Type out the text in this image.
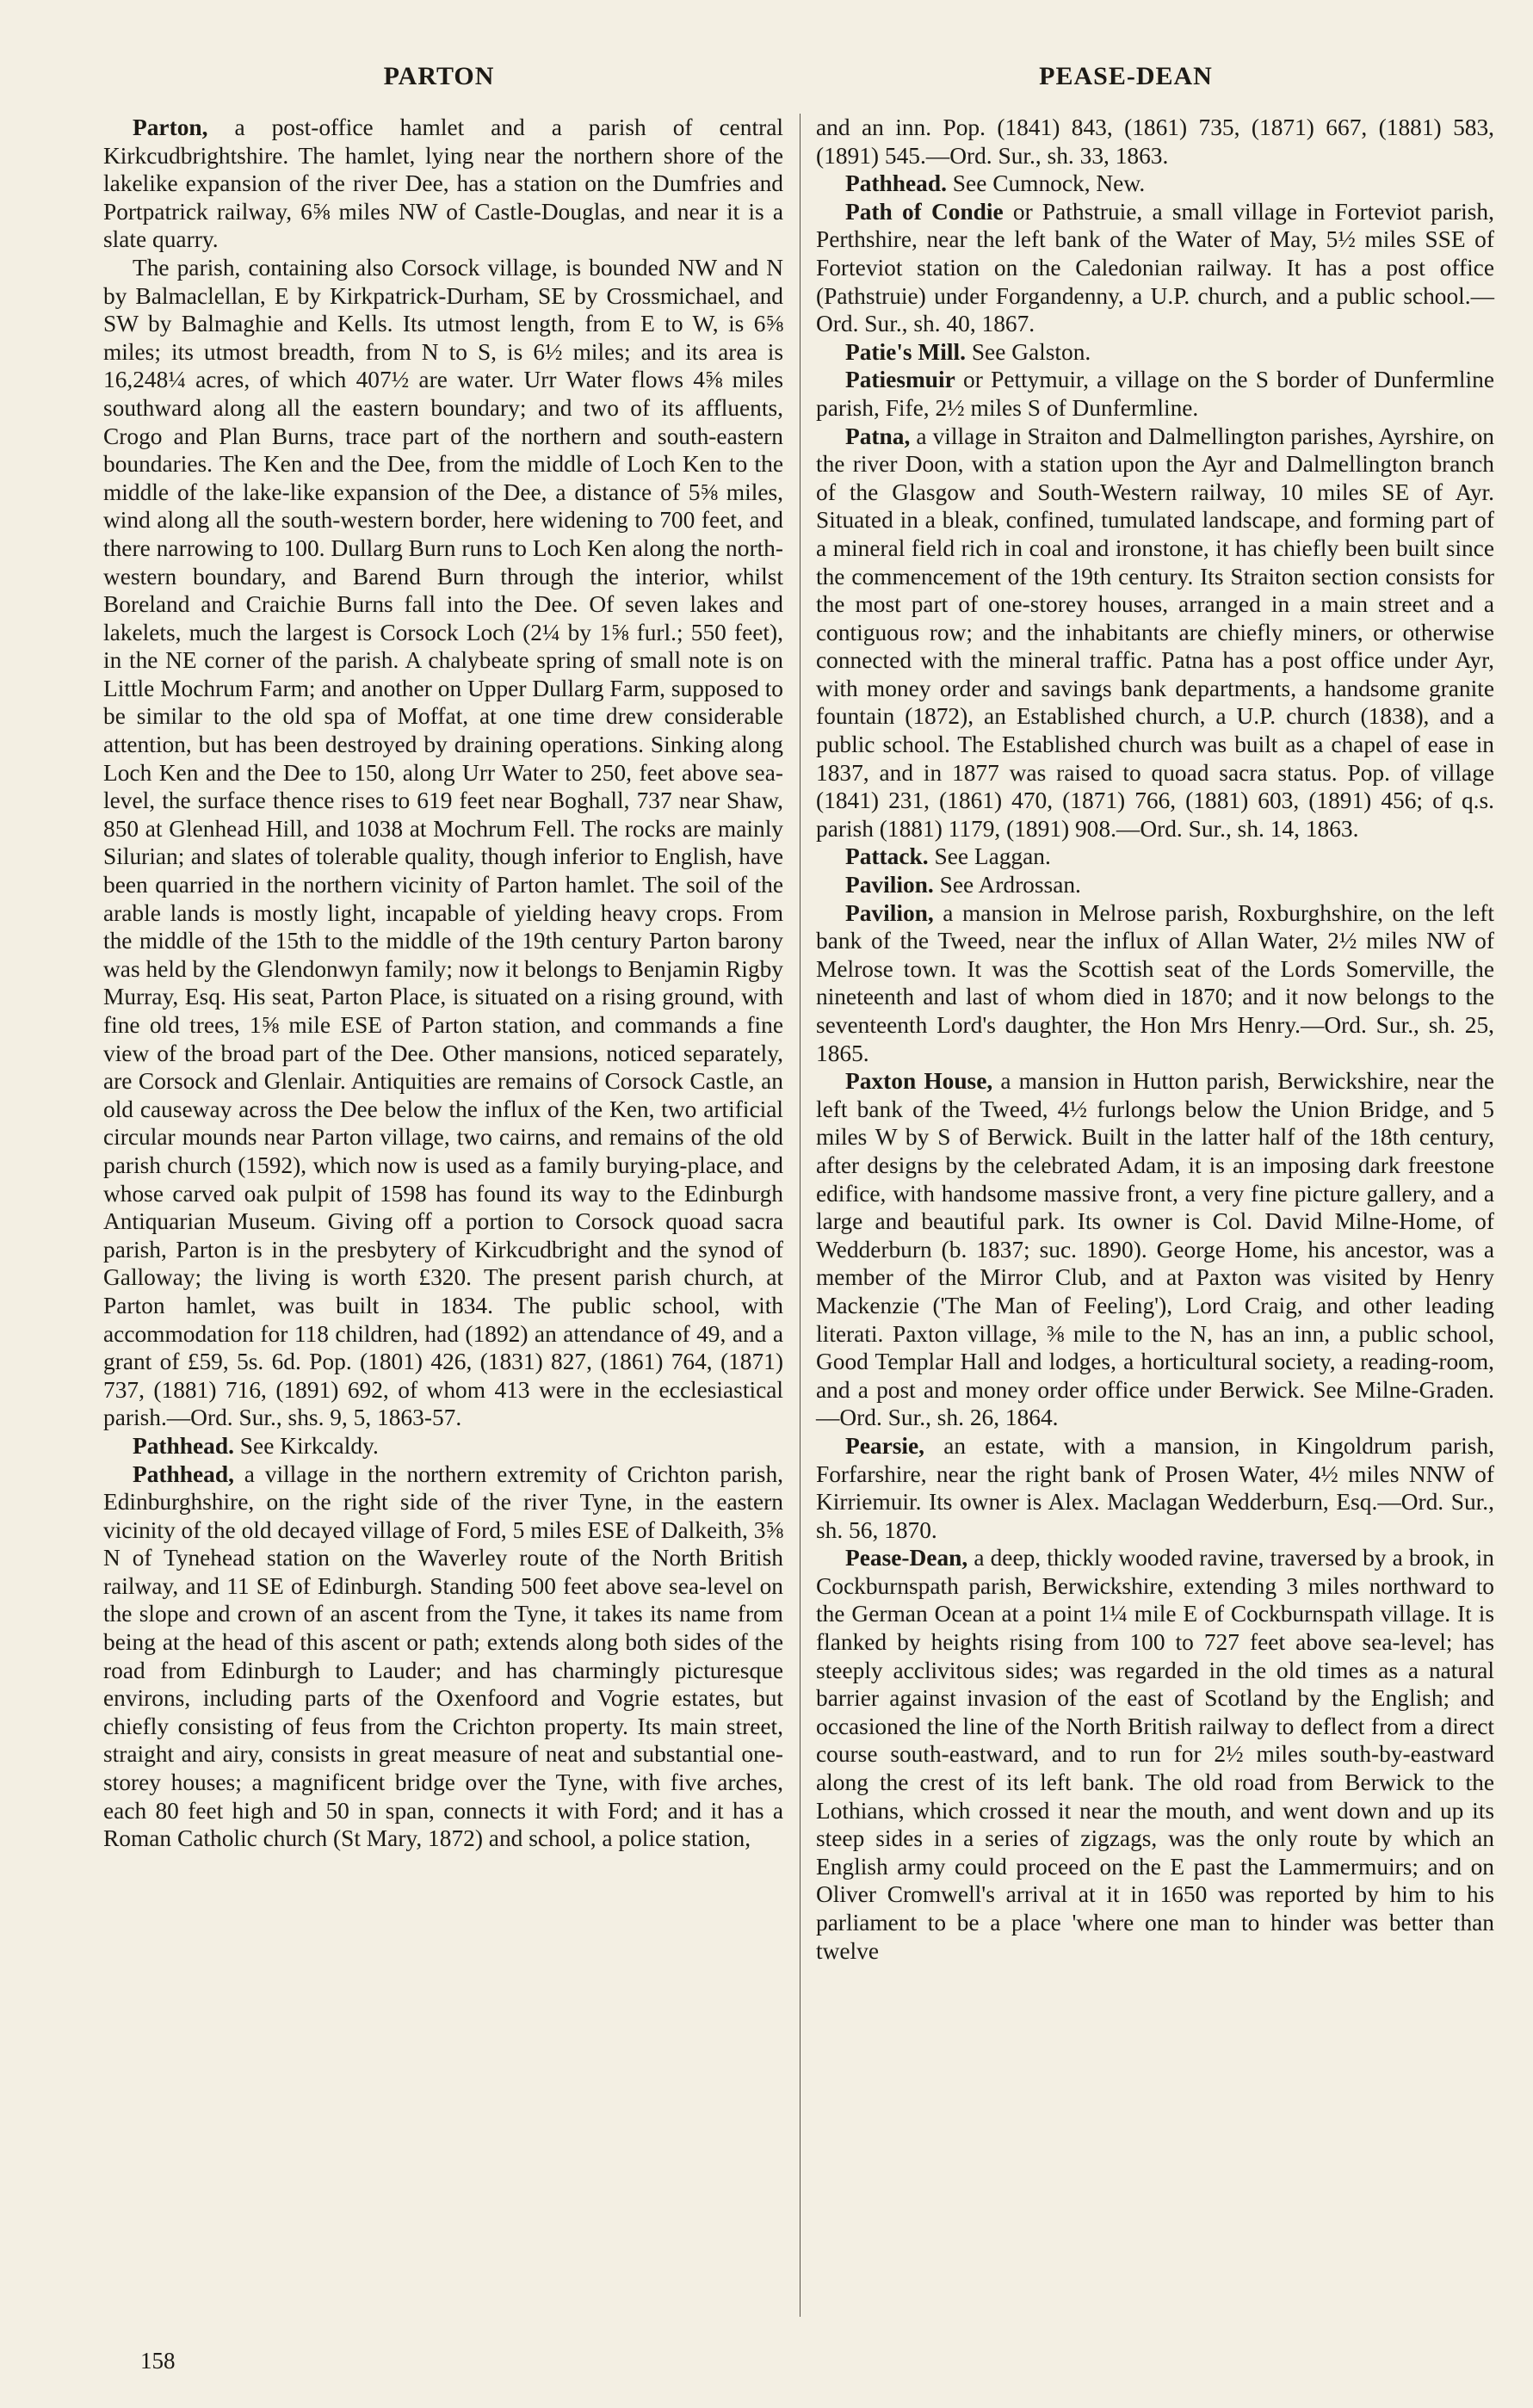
PARTON	PEASE-DEAN

Parton, a post-office hamlet and a parish of central Kirkcudbrightshire. The hamlet, lying near the northern shore of the lakelike expansion of the river Dee, has a station on the Dumfries and Portpatrick railway, 6⅝ miles NW of Castle-Douglas, and near it is a slate quarry.

The parish, containing also Corsock village, is bounded NW and N by Balmaclellan, E by Kirkpatrick-Durham, SE by Crossmichael, and SW by Balmaghie and Kells. Its utmost length, from E to W, is 6⅝ miles; its utmost breadth, from N to S, is 6½ miles; and its area is 16,248¼ acres, of which 407½ are water. Urr Water flows 4⅝ miles southward along all the eastern boundary; and two of its affluents, Crogo and Plan Burns, trace part of the northern and south-eastern boundaries. The Ken and the Dee, from the middle of Loch Ken to the middle of the lake-like expansion of the Dee, a distance of 5⅝ miles, wind along all the south-western border, here widening to 700 feet, and there narrowing to 100. Dullarg Burn runs to Loch Ken along the north-western boundary, and Barend Burn through the interior, whilst Boreland and Craichie Burns fall into the Dee. Of seven lakes and lakelets, much the largest is Corsock Loch (2¼ by 1⅝ furl.; 550 feet), in the NE corner of the parish. A chalybeate spring of small note is on Little Mochrum Farm; and another on Upper Dullarg Farm, supposed to be similar to the old spa of Moffat, at one time drew considerable attention, but has been destroyed by draining operations. Sinking along Loch Ken and the Dee to 150, along Urr Water to 250, feet above sea-level, the surface thence rises to 619 feet near Boghall, 737 near Shaw, 850 at Glenhead Hill, and 1038 at Mochrum Fell. The rocks are mainly Silurian; and slates of tolerable quality, though inferior to English, have been quarried in the northern vicinity of Parton hamlet. The soil of the arable lands is mostly light, incapable of yielding heavy crops. From the middle of the 15th to the middle of the 19th century Parton barony was held by the Glendonwyn family; now it belongs to Benjamin Rigby Murray, Esq. His seat, Parton Place, is situated on a rising ground, with fine old trees, 1⅝ mile ESE of Parton station, and commands a fine view of the broad part of the Dee. Other mansions, noticed separately, are Corsock and Glenlair. Antiquities are remains of Corsock Castle, an old causeway across the Dee below the influx of the Ken, two artificial circular mounds near Parton village, two cairns, and remains of the old parish church (1592), which now is used as a family burying-place, and whose carved oak pulpit of 1598 has found its way to the Edinburgh Antiquarian Museum. Giving off a portion to Corsock quoad sacra parish, Parton is in the presbytery of Kirkcudbright and the synod of Galloway; the living is worth £320. The present parish church, at Parton hamlet, was built in 1834. The public school, with accommodation for 118 children, had (1892) an attendance of 49, and a grant of £59, 5s. 6d. Pop. (1801) 426, (1831) 827, (1861) 764, (1871) 737, (1881) 716, (1891) 692, of whom 413 were in the ecclesiastical parish.—Ord. Sur., shs. 9, 5, 1863-57.

Pathhead. See Kirkcaldy.

Pathhead, a village in the northern extremity of Crichton parish, Edinburghshire, on the right side of the river Tyne, in the eastern vicinity of the old decayed village of Ford, 5 miles ESE of Dalkeith, 3⅝ N of Tynehead station on the Waverley route of the North British railway, and 11 SE of Edinburgh. Standing 500 feet above sea-level on the slope and crown of an ascent from the Tyne, it takes its name from being at the head of this ascent or path; extends along both sides of the road from Edinburgh to Lauder; and has charmingly picturesque environs, including parts of the Oxenfoord and Vogrie estates, but chiefly consisting of feus from the Crichton property. Its main street, straight and airy, consists in great measure of neat and substantial one-storey houses; a magnificent bridge over the Tyne, with five arches, each 80 feet high and 50 in span, connects it with Ford; and it has a Roman Catholic church (St Mary, 1872) and school, a police station,

and an inn. Pop. (1841) 843, (1861) 735, (1871) 667, (1881) 583, (1891) 545.—Ord. Sur., sh. 33, 1863.

Pathhead. See Cumnock, New.

Path of Condie or Pathstruie, a small village in Forteviot parish, Perthshire, near the left bank of the Water of May, 5½ miles SSE of Forteviot station on the Caledonian railway. It has a post office (Pathstruie) under Forgandenny, a U.P. church, and a public school.—Ord. Sur., sh. 40, 1867.

Patie's Mill. See Galston.

Patiesmuir or Pettymuir, a village on the S border of Dunfermline parish, Fife, 2½ miles S of Dunfermline.

Patna, a village in Straiton and Dalmellington parishes, Ayrshire, on the river Doon, with a station upon the Ayr and Dalmellington branch of the Glasgow and South-Western railway, 10 miles SE of Ayr. Situated in a bleak, confined, tumulated landscape, and forming part of a mineral field rich in coal and ironstone, it has chiefly been built since the commencement of the 19th century. Its Straiton section consists for the most part of one-storey houses, arranged in a main street and a contiguous row; and the inhabitants are chiefly miners, or otherwise connected with the mineral traffic. Patna has a post office under Ayr, with money order and savings bank departments, a handsome granite fountain (1872), an Established church, a U.P. church (1838), and a public school. The Established church was built as a chapel of ease in 1837, and in 1877 was raised to quoad sacra status. Pop. of village (1841) 231, (1861) 470, (1871) 766, (1881) 603, (1891) 456; of q.s. parish (1881) 1179, (1891) 908.—Ord. Sur., sh. 14, 1863.

Pattack. See Laggan.

Pavilion. See Ardrossan.

Pavilion, a mansion in Melrose parish, Roxburghshire, on the left bank of the Tweed, near the influx of Allan Water, 2½ miles NW of Melrose town. It was the Scottish seat of the Lords Somerville, the nineteenth and last of whom died in 1870; and it now belongs to the seventeenth Lord's daughter, the Hon Mrs Henry.—Ord. Sur., sh. 25, 1865.

Paxton House, a mansion in Hutton parish, Berwickshire, near the left bank of the Tweed, 4½ furlongs below the Union Bridge, and 5 miles W by S of Berwick. Built in the latter half of the 18th century, after designs by the celebrated Adam, it is an imposing dark freestone edifice, with handsome massive front, a very fine picture gallery, and a large and beautiful park. Its owner is Col. David Milne-Home, of Wedderburn (b. 1837; suc. 1890). George Home, his ancestor, was a member of the Mirror Club, and at Paxton was visited by Henry Mackenzie ('The Man of Feeling'), Lord Craig, and other leading literati. Paxton village, ⅜ mile to the N, has an inn, a public school, Good Templar Hall and lodges, a horticultural society, a reading-room, and a post and money order office under Berwick. See Milne-Graden.—Ord. Sur., sh. 26, 1864.

Pearsie, an estate, with a mansion, in Kingoldrum parish, Forfarshire, near the right bank of Prosen Water, 4½ miles NNW of Kirriemuir. Its owner is Alex. Maclagan Wedderburn, Esq.—Ord. Sur., sh. 56, 1870.

Pease-Dean, a deep, thickly wooded ravine, traversed by a brook, in Cockburnspath parish, Berwickshire, extending 3 miles northward to the German Ocean at a point 1¼ mile E of Cockburnspath village. It is flanked by heights rising from 100 to 727 feet above sea-level; has steeply acclivitous sides; was regarded in the old times as a natural barrier against invasion of the east of Scotland by the English; and occasioned the line of the North British railway to deflect from a direct course south-eastward, and to run for 2½ miles south-by-eastward along the crest of its left bank. The old road from Berwick to the Lothians, which crossed it near the mouth, and went down and up its steep sides in a series of zigzags, was the only route by which an English army could proceed on the E past the Lammermuirs; and on Oliver Cromwell's arrival at it in 1650 was reported by him to his parliament to be a place 'where one man to hinder was better than twelve

158
